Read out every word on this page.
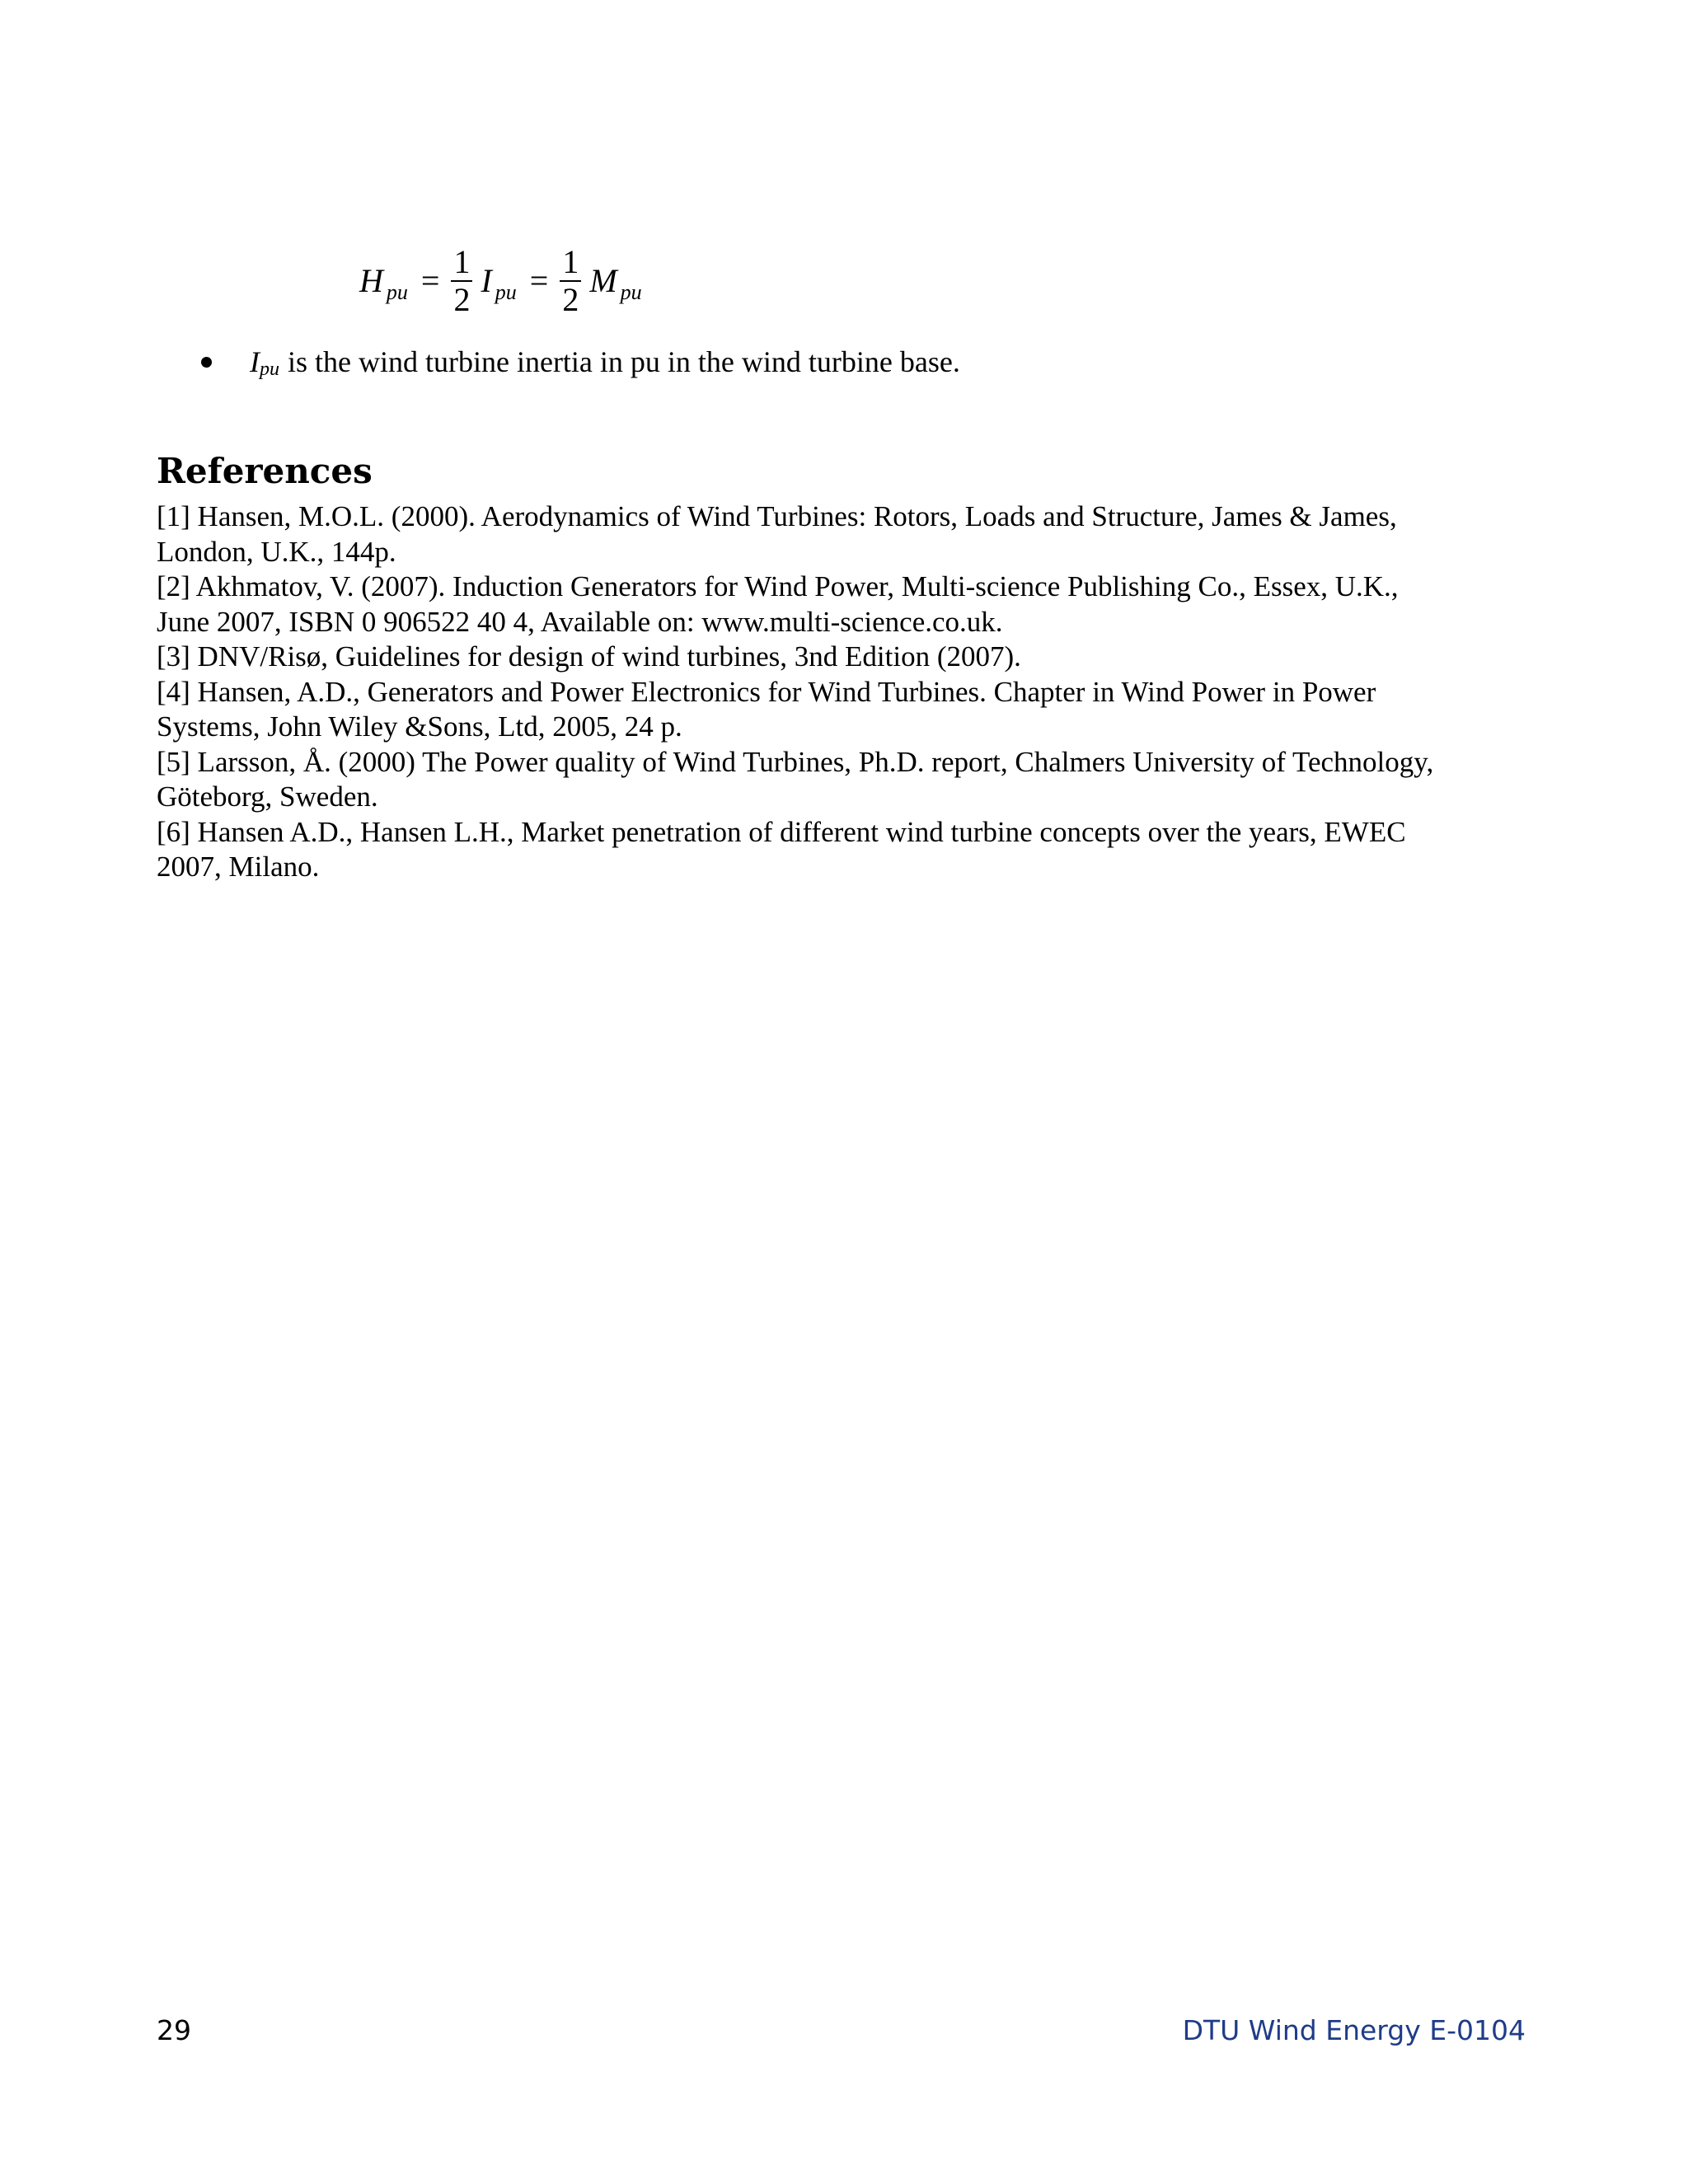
H pu = $\frac{1}{2}$ I pu = $\frac{1}{2}$ M pu
I pu is the wind turbine inertia in pu in the wind turbine base.
References
[1] Hansen, M.O.L. (2000). Aerodynamics of Wind Turbines: Rotors, Loads and Structure, James & James,
London, U.K., 144p.
[2] Akhmatov, V. (2007). Induction Generators for Wind Power, Multi-science Publishing Co., Essex, U.K.,
June 2007, ISBN 0 906522 40 4, Available on: www.multi-science.co.uk.
[3] DNV/Risø, Guidelines for design of wind turbines, 3nd Edition (2007).
[4] Hansen, A.D., Generators and Power Electronics for Wind Turbines. Chapter in Wind Power in Power
Systems, John Wiley &Sons, Ltd, 2005, 24 p.
[5] Larsson, Å. (2000) The Power quality of Wind Turbines, Ph.D. report, Chalmers University of Technology,
Göteborg, Sweden.
[6] Hansen A.D., Hansen L.H., Market penetration of different wind turbine concepts over the years, EWEC
2007, Milano.
29	DTU Wind Energy E-0104
